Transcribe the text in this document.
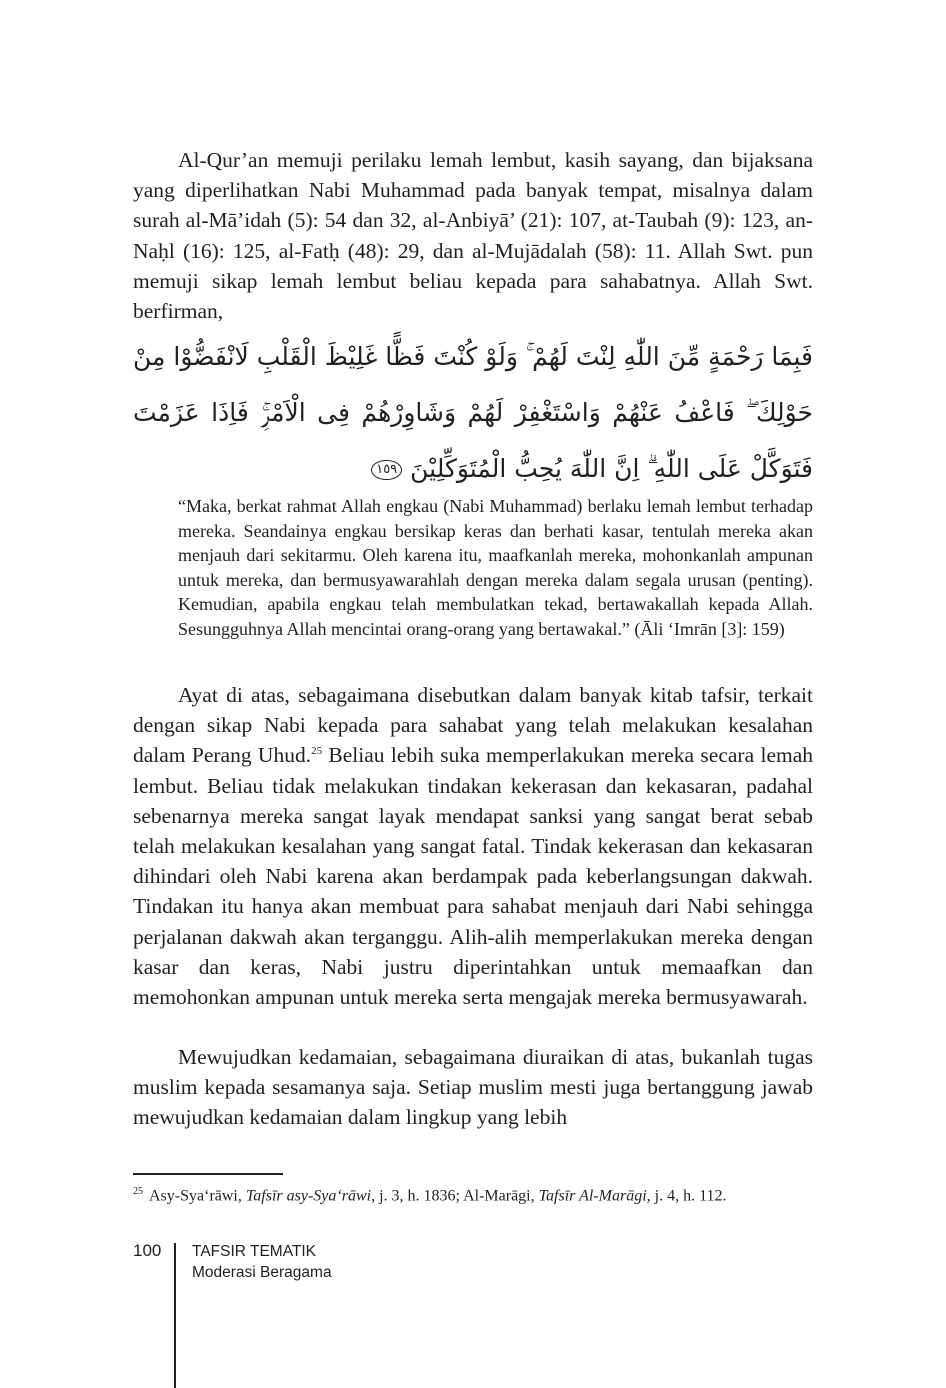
Al-Qur’an memuji perilaku lemah lembut, kasih sayang, dan bijaksana yang diperlihatkan Nabi Muhammad pada banyak tempat, misalnya dalam surah al-Mā’idah (5): 54 dan 32, al-Anbiyā’ (21): 107, at-Taubah (9): 123, an-Naḥl (16): 125, al-Fatḥ (48): 29, dan al-Mujādalah (58): 11. Allah Swt. pun memuji sikap lemah lembut beliau kepada para sahabatnya. Allah Swt. berfirman,

فَبِمَا رَحْمَةٍ مِّنَ اللّٰهِ لِنْتَ لَهُمْ ۚ وَلَوْ كُنْتَ فَظًّا غَلِيْظَ الْقَلْبِ لَانْفَضُّوْا مِنْ حَوْلِكَ ۖ فَاعْفُ عَنْهُمْ وَاسْتَغْفِرْ لَهُمْ وَشَاوِرْهُمْ فِى الْاَمْرِۚ فَاِذَا عَزَمْتَ فَتَوَكَّلْ عَلَى اللّٰهِ ۗ اِنَّ اللّٰهَ يُحِبُّ الْمُتَوَكِّلِيْنَ ١٥٩

“Maka, berkat rahmat Allah engkau (Nabi Muhammad) berlaku lemah lembut terhadap mereka. Seandainya engkau bersikap keras dan berhati kasar, tentulah mereka akan menjauh dari sekitarmu. Oleh karena itu, maafkanlah mereka, mohonkanlah ampunan untuk mereka, dan bermusyawarahlah dengan mereka dalam segala urusan (penting). Kemudian, apabila engkau telah membulatkan tekad, bertawakallah kepada Allah. Sesungguhnya Allah mencintai orang-orang yang bertawakal.” (Āli ‘Imrān [3]: 159)

Ayat di atas, sebagaimana disebutkan dalam banyak kitab tafsir, terkait dengan sikap Nabi kepada para sahabat yang telah melakukan kesalahan dalam Perang Uhud.$^{25}$ Beliau lebih suka memperlakukan mereka secara lemah lembut. Beliau tidak melakukan tindakan kekerasan dan kekasaran, padahal sebenarnya mereka sangat layak mendapat sanksi yang sangat berat sebab telah melakukan kesalahan yang sangat fatal. Tindak kekerasan dan kekasaran dihindari oleh Nabi karena akan berdampak pada keberlangsungan dakwah. Tindakan itu hanya akan membuat para sahabat menjauh dari Nabi sehingga perjalanan dakwah akan terganggu. Alih-alih memperlakukan mereka dengan kasar dan keras, Nabi justru diperintahkan untuk memaafkan dan memohonkan ampunan untuk mereka serta mengajak mereka bermusyawarah.

Mewujudkan kedamaian, sebagaimana diuraikan di atas, bukanlah tugas muslim kepada sesamanya saja. Setiap muslim mesti juga bertanggung jawab mewujudkan kedamaian dalam lingkup yang lebih

$^{25}$ Asy-Sya‘rāwi, Tafsīr asy-Sya‘rāwi, j. 3, h. 1836; Al-Marāgi, Tafsīr Al-Marāgi, j. 4, h. 112.

100 TAFSIR TEMATIK
Moderasi Beragama
